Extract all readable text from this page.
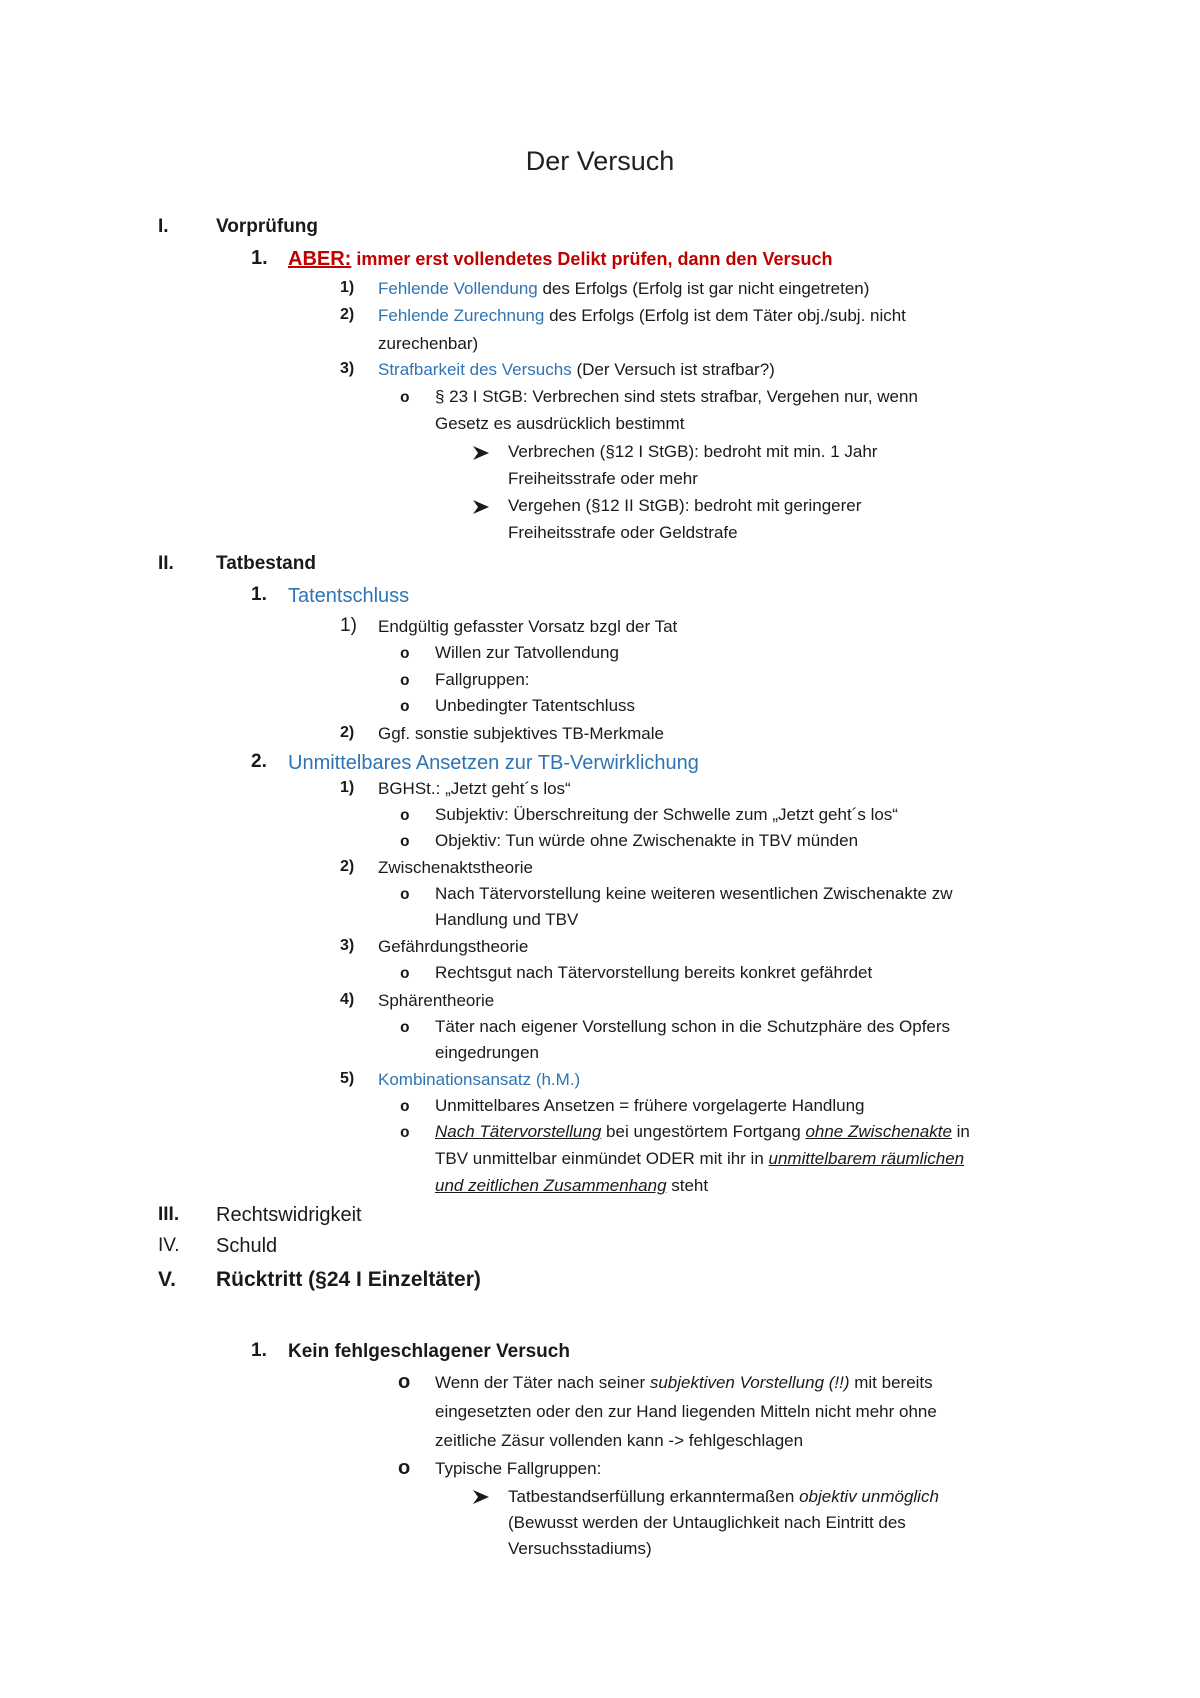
Der Versuch
I. Vorprüfung
1. ABER: immer erst vollendetes Delikt prüfen, dann den Versuch
1) Fehlende Vollendung des Erfolgs (Erfolg ist gar nicht eingetreten)
2) Fehlende Zurechnung des Erfolgs (Erfolg ist dem Täter obj./subj. nicht
zurechenbar)
3) Strafbarkeit des Versuchs (Der Versuch ist strafbar?)
o § 23 I StGB: Verbrechen sind stets strafbar, Vergehen nur, wenn
Gesetz es ausdrücklich bestimmt
Verbrechen (§12 I StGB): bedroht mit min. 1 Jahr
Freiheitsstrafe oder mehr
Vergehen (§12 II StGB): bedroht mit geringerer
Freiheitsstrafe oder Geldstrafe
II. Tatbestand
1. Tatentschluss
1) Endgültig gefasster Vorsatz bzgl der Tat
o Willen zur Tatvollendung
o Fallgruppen:
o Unbedingter Tatentschluss
2) Ggf. sonstie subjektives TB-Merkmale
2. Unmittelbares Ansetzen zur TB-Verwirklichung
1) BGHSt.: „Jetzt geht´s los“
o Subjektiv: Überschreitung der Schwelle zum „Jetzt geht´s los“
o Objektiv: Tun würde ohne Zwischenakte in TBV münden
2) Zwischenaktstheorie
o Nach Tätervorstellung keine weiteren wesentlichen Zwischenakte zw
Handlung und TBV
3) Gefährdungstheorie
o Rechtsgut nach Tätervorstellung bereits konkret gefährdet
4) Sphärentheorie
o Täter nach eigener Vorstellung schon in die Schutzphäre des Opfers
eingedrungen
5) Kombinationsansatz (h.M.)
o Unmittelbares Ansetzen = frühere vorgelagerte Handlung
o Nach Tätervorstellung bei ungestörtem Fortgang ohne Zwischenakte in
TBV unmittelbar einmündet ODER mit ihr in unmittelbarem räumlichen
und zeitlichen Zusammenhang steht
III. Rechtswidrigkeit
IV. Schuld
V. Rücktritt (§24 I Einzeltäter)
1. Kein fehlgeschlagener Versuch
o Wenn der Täter nach seiner subjektiven Vorstellung (!!) mit bereits
eingesetzten oder den zur Hand liegenden Mitteln nicht mehr ohne
zeitliche Zäsur vollenden kann -> fehlgeschlagen
o Typische Fallgruppen:
Tatbestandserfüllung erkanntermaßen objektiv unmöglich
(Bewusst werden der Untauglichkeit nach Eintritt des
Versuchsstadiums)
